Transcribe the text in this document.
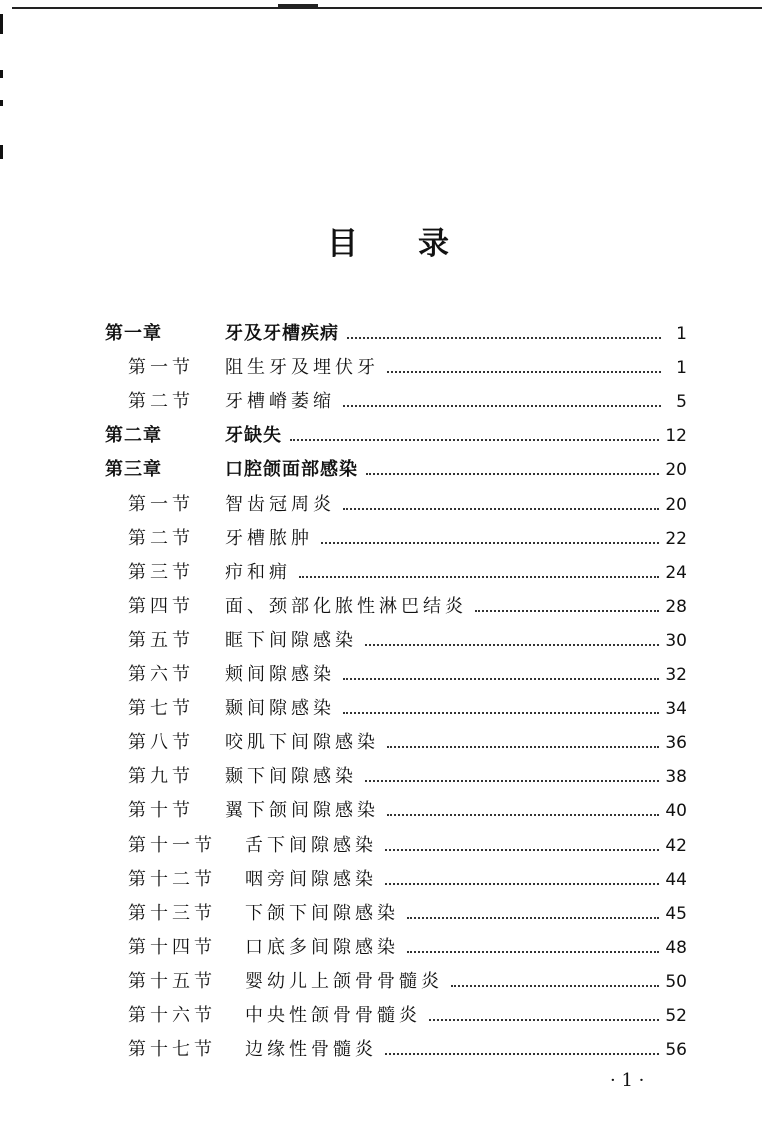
目 录
第一章	牙及牙槽疾病	1
第一节	阻生牙及埋伏牙	1
第二节	牙槽嵴萎缩	5
第二章	牙缺失	12
第三章	口腔颌面部感染	20
第一节	智齿冠周炎	20
第二节	牙槽脓肿	22
第三节	疖和痈	24
第四节	面、颈部化脓性淋巴结炎	28
第五节	眶下间隙感染	30
第六节	颊间隙感染	32
第七节	颞间隙感染	34
第八节	咬肌下间隙感染	36
第九节	颞下间隙感染	38
第十节	翼下颌间隙感染	40
第十一节	舌下间隙感染	42
第十二节	咽旁间隙感染	44
第十三节	下颌下间隙感染	45
第十四节	口底多间隙感染	48
第十五节	婴幼儿上颌骨骨髓炎	50
第十六节	中央性颌骨骨髓炎	52
第十七节	边缘性骨髓炎	56
· 1 ·
